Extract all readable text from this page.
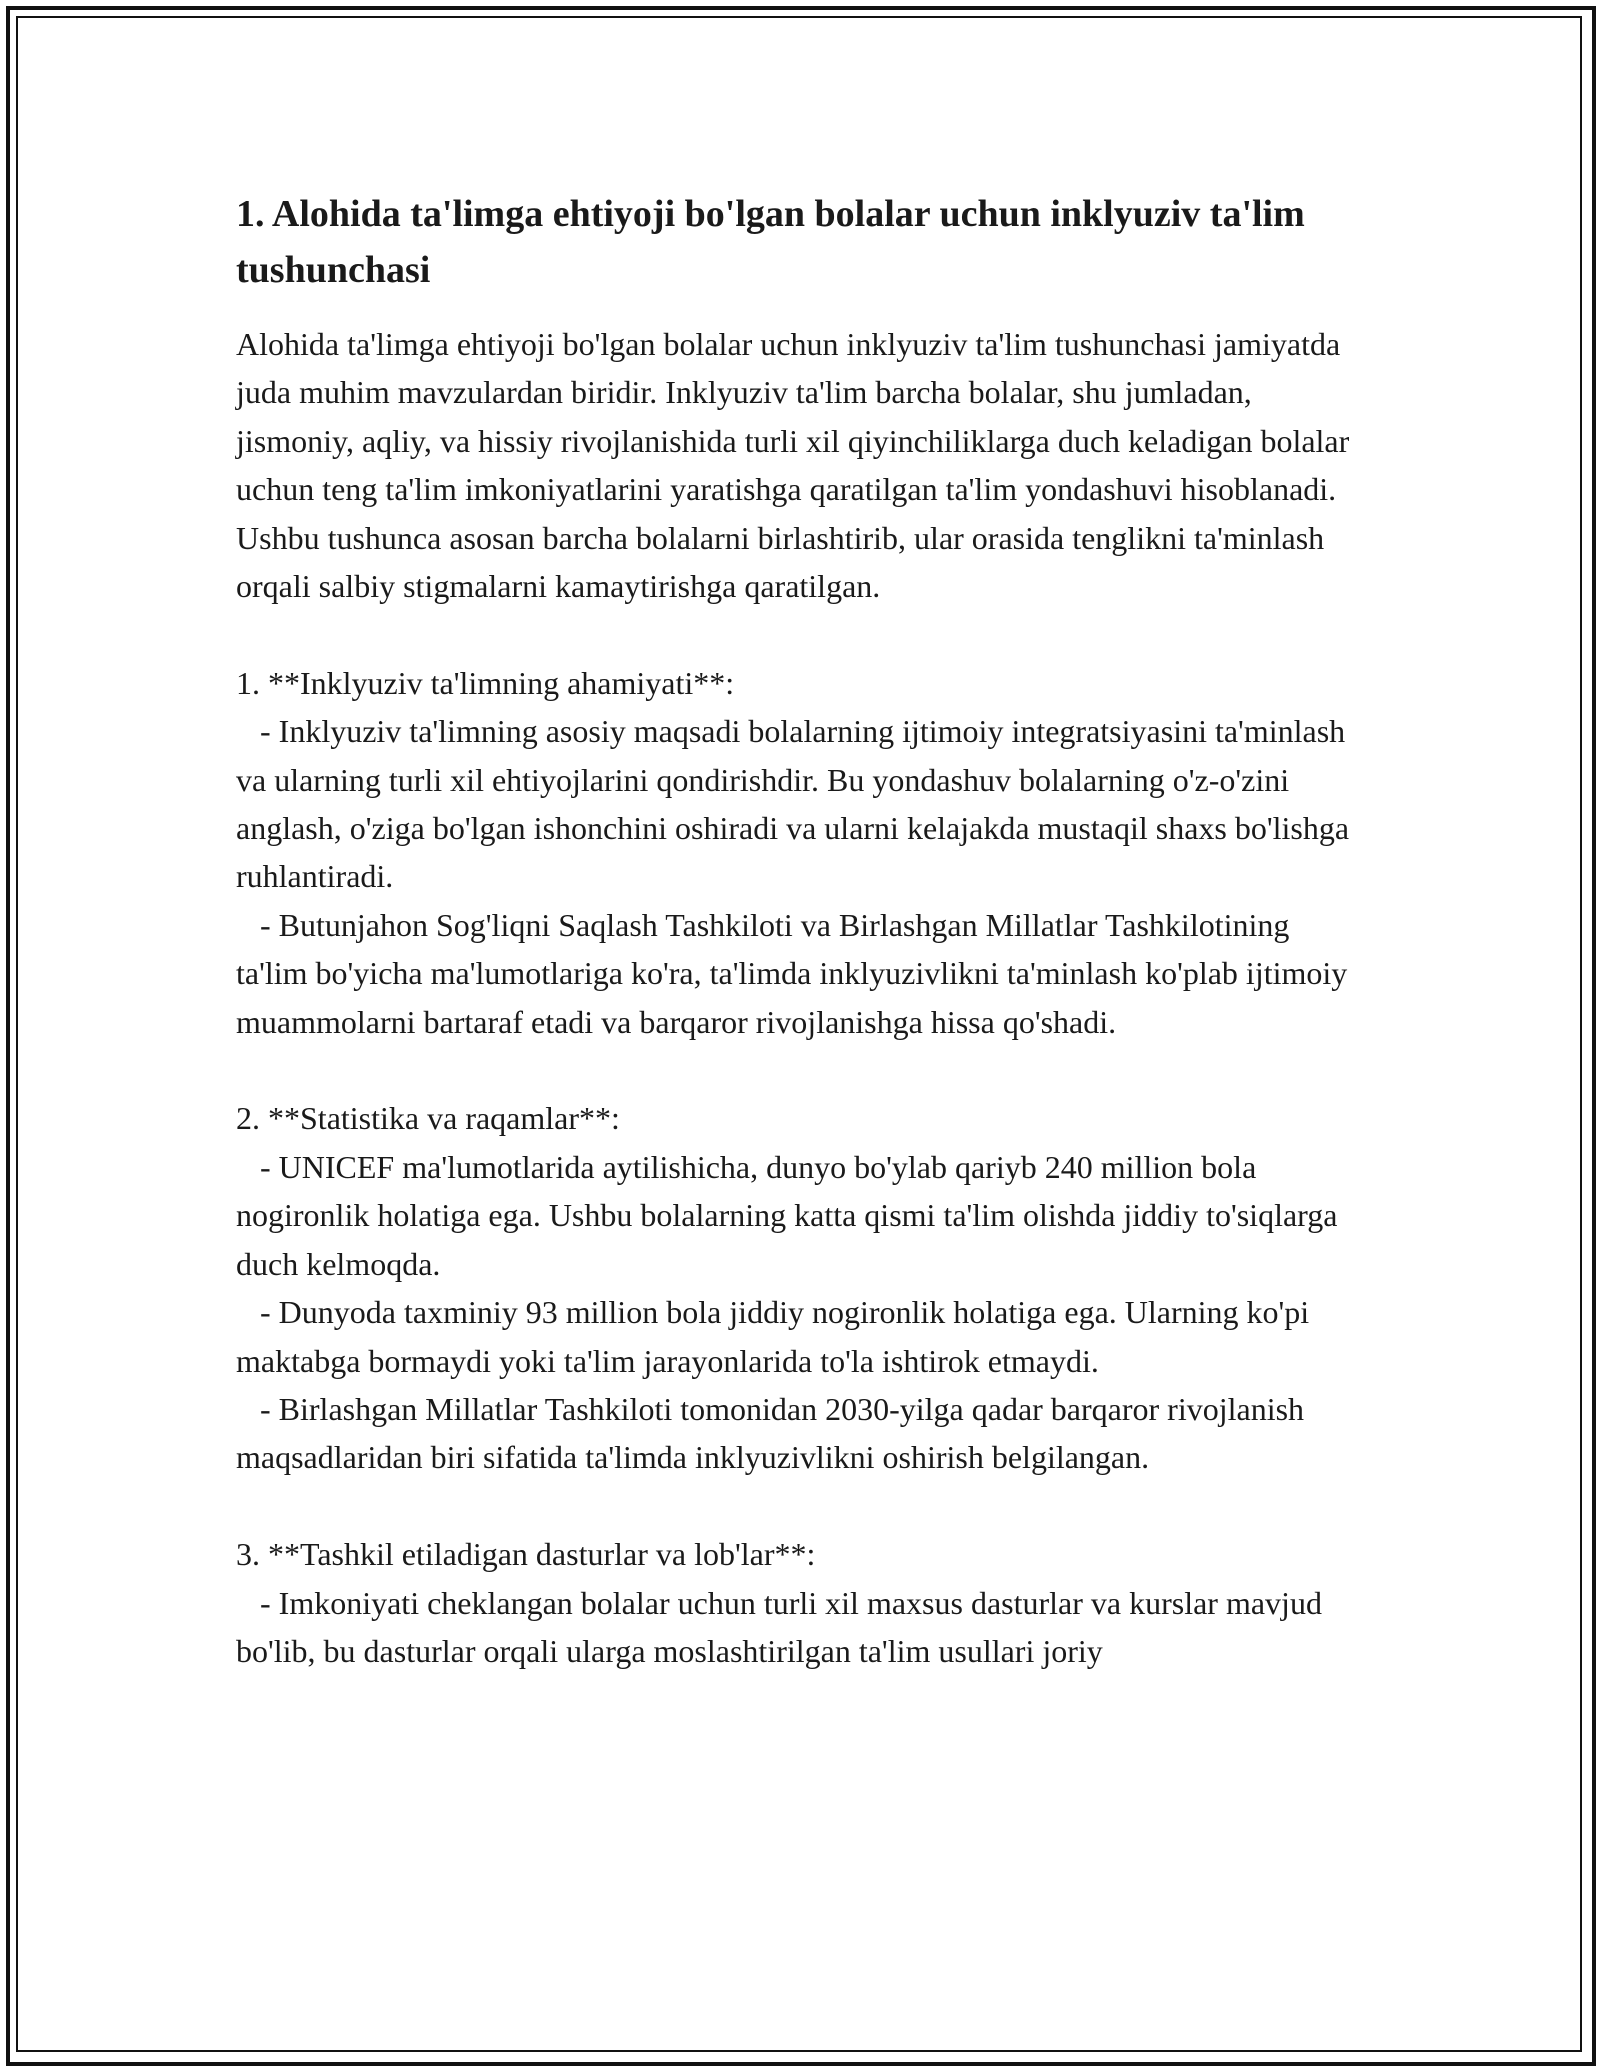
1. Alohida ta'limga ehtiyoji bo'lgan bolalar uchun inklyuziv ta'lim tushunchasi

Alohida ta'limga ehtiyoji bo'lgan bolalar uchun inklyuziv ta'lim tushunchasi jamiyatda juda muhim mavzulardan biridir. Inklyuziv ta'lim barcha bolalar, shu jumladan, jismoniy, aqliy, va hissiy rivojlanishida turli xil qiyinchiliklarga duch keladigan bolalar uchun teng ta'lim imkoniyatlarini yaratishga qaratilgan ta'lim yondashuvi hisoblanadi. Ushbu tushunca asosan barcha bolalarni birlashtirib, ular orasida tenglikni ta'minlash orqali salbiy stigmalarni kamaytirishga qaratilgan.

1. **Inklyuziv ta'limning ahamiyati**:

- Inklyuziv ta'limning asosiy maqsadi bolalarning ijtimoiy integratsiyasini ta'minlash va ularning turli xil ehtiyojlarini qondirishdir. Bu yondashuv bolalarning o'z-o'zini anglash, o'ziga bo'lgan ishonchini oshiradi va ularni kelajakda mustaqil shaxs bo'lishga ruhlantiradi.

- Butunjahon Sog'liqni Saqlash Tashkiloti va Birlashgan Millatlar Tashkilotining ta'lim bo'yicha ma'lumotlariga ko'ra, ta'limda inklyuzivlikni ta'minlash ko'plab ijtimoiy muammolarni bartaraf etadi va barqaror rivojlanishga hissa qo'shadi.

2. **Statistika va raqamlar**:

- UNICEF ma'lumotlarida aytilishicha, dunyo bo'ylab qariyb 240 million bola nogironlik holatiga ega. Ushbu bolalarning katta qismi ta'lim olishda jiddiy to'siqlarga duch kelmoqda.

- Dunyoda taxminiy 93 million bola jiddiy nogironlik holatiga ega. Ularning ko'pi maktabga bormaydi yoki ta'lim jarayonlarida to'la ishtirok etmaydi.

- Birlashgan Millatlar Tashkiloti tomonidan 2030-yilga qadar barqaror rivojlanish maqsadlaridan biri sifatida ta'limda inklyuzivlikni oshirish belgilangan.

3. **Tashkil etiladigan dasturlar va lob'lar**:

- Imkoniyati cheklangan bolalar uchun turli xil maxsus dasturlar va kurslar mavjud bo'lib, bu dasturlar orqali ularga moslashtirilgan ta'lim usullari joriy
